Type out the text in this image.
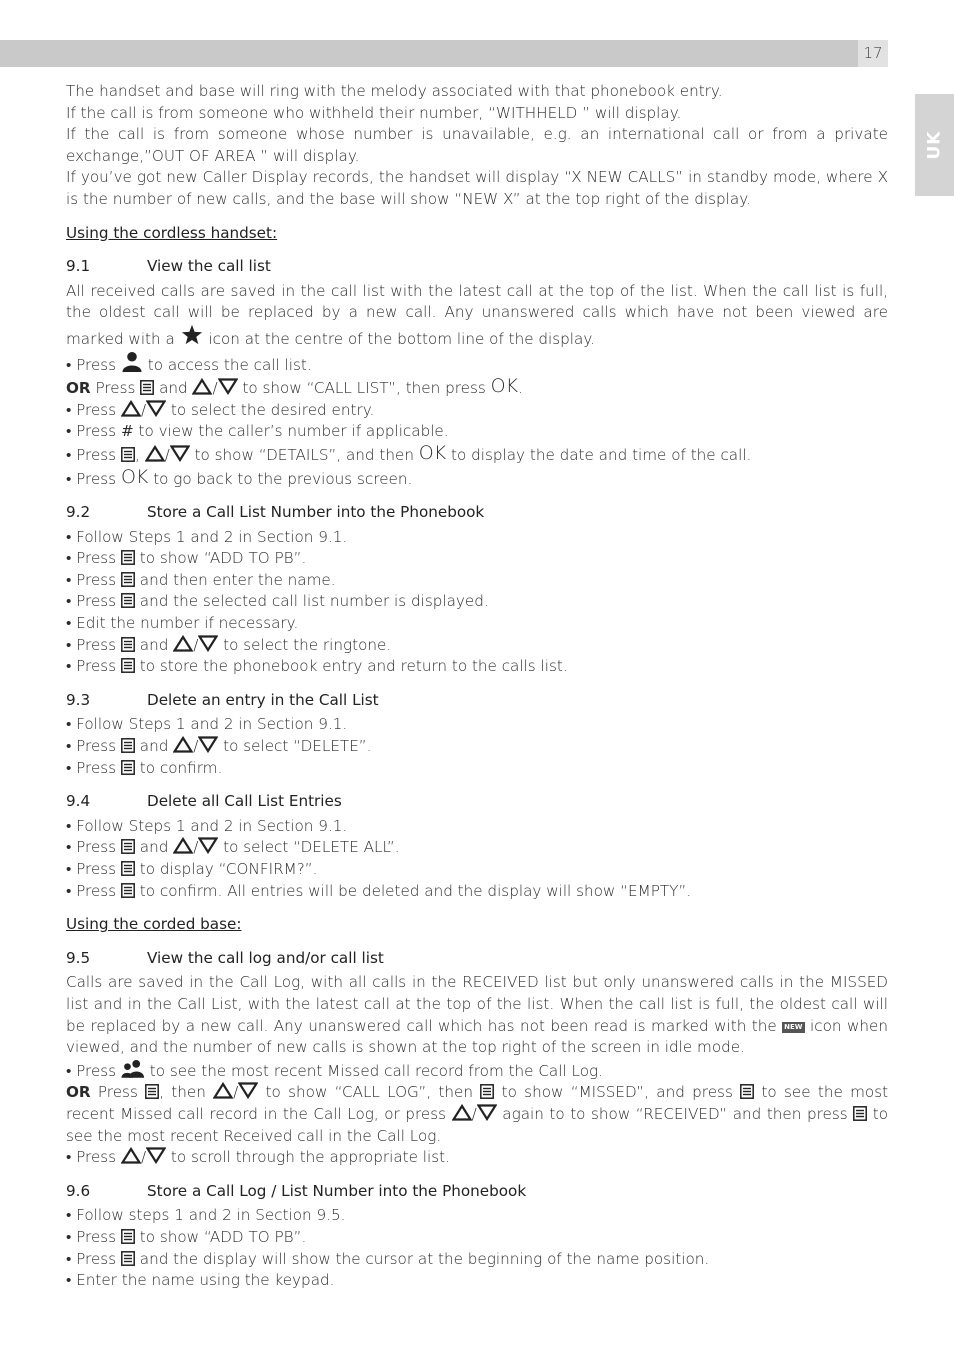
17
UK

The handset and base will ring with the melody associated with that phonebook entry.

If the call is from someone who withheld their number, “WITHHELD ” will display.

If the call is from someone whose number is unavailable, e.g. an international call or from a private exchange,”OUT OF AREA ” will display.

If you’ve got new Caller Display records, the handset will display “X NEW CALLS” in standby mode, where X is the number of new calls, and the base will show “NEW X” at the top right of the display.

Using the cordless handset:

9.1	View the call list

All received calls are saved in the call list with the latest call at the top of the list. When the call list is full, the oldest call will be replaced by a new call. Any unanswered calls which have not been viewed are marked with a icon at the centre of the bottom line of the display.

• Press to access the call list.

OR Press and / to show “CALL LIST”, then press OK.

• Press / to select the desired entry.

• Press # to view the caller’s number if applicable.

• Press , / to show “DETAILS”, and then OK to display the date and time of the call.

• Press OK to go back to the previous screen.

9.2	Store a Call List Number into the Phonebook

• Follow Steps 1 and 2 in Section 9.1.

• Press to show “ADD TO PB”.

• Press and then enter the name.

• Press and the selected call list number is displayed.

• Edit the number if necessary.

• Press and / to select the ringtone.

• Press to store the phonebook entry and return to the calls list.

9.3	Delete an entry in the Call List

• Follow Steps 1 and 2 in Section 9.1.

• Press and / to select “DELETE”.

• Press to confirm.

9.4	Delete all Call List Entries

• Follow Steps 1 and 2 in Section 9.1.

• Press and / to select “DELETE ALL”.

• Press to display “CONFIRM?”.

• Press to confirm. All entries will be deleted and the display will show “EMPTY”.

Using the corded base:

9.5	View the call log and/or call list

Calls are saved in the Call Log, with all calls in the RECEIVED list but only unanswered calls in the MISSED list and in the Call List, with the latest call at the top of the list. When the call list is full, the oldest call will be replaced by a new call. Any unanswered call which has not been read is marked with the NEW icon when viewed, and the number of new calls is shown at the top right of the screen in idle mode.

• Press to see the most recent Missed call record from the Call Log.

OR Press , then / to show “CALL LOG”, then to show “MISSED”, and press to see the most recent Missed call record in the Call Log, or press / again to to show “RECEIVED” and then press to see the most recent Received call in the Call Log.

• Press / to scroll through the appropriate list.

9.6	Store a Call Log / List Number into the Phonebook

• Follow steps 1 and 2 in Section 9.5.

• Press to show “ADD TO PB”.

• Press and the display will show the cursor at the beginning of the name position.

• Enter the name using the keypad.
